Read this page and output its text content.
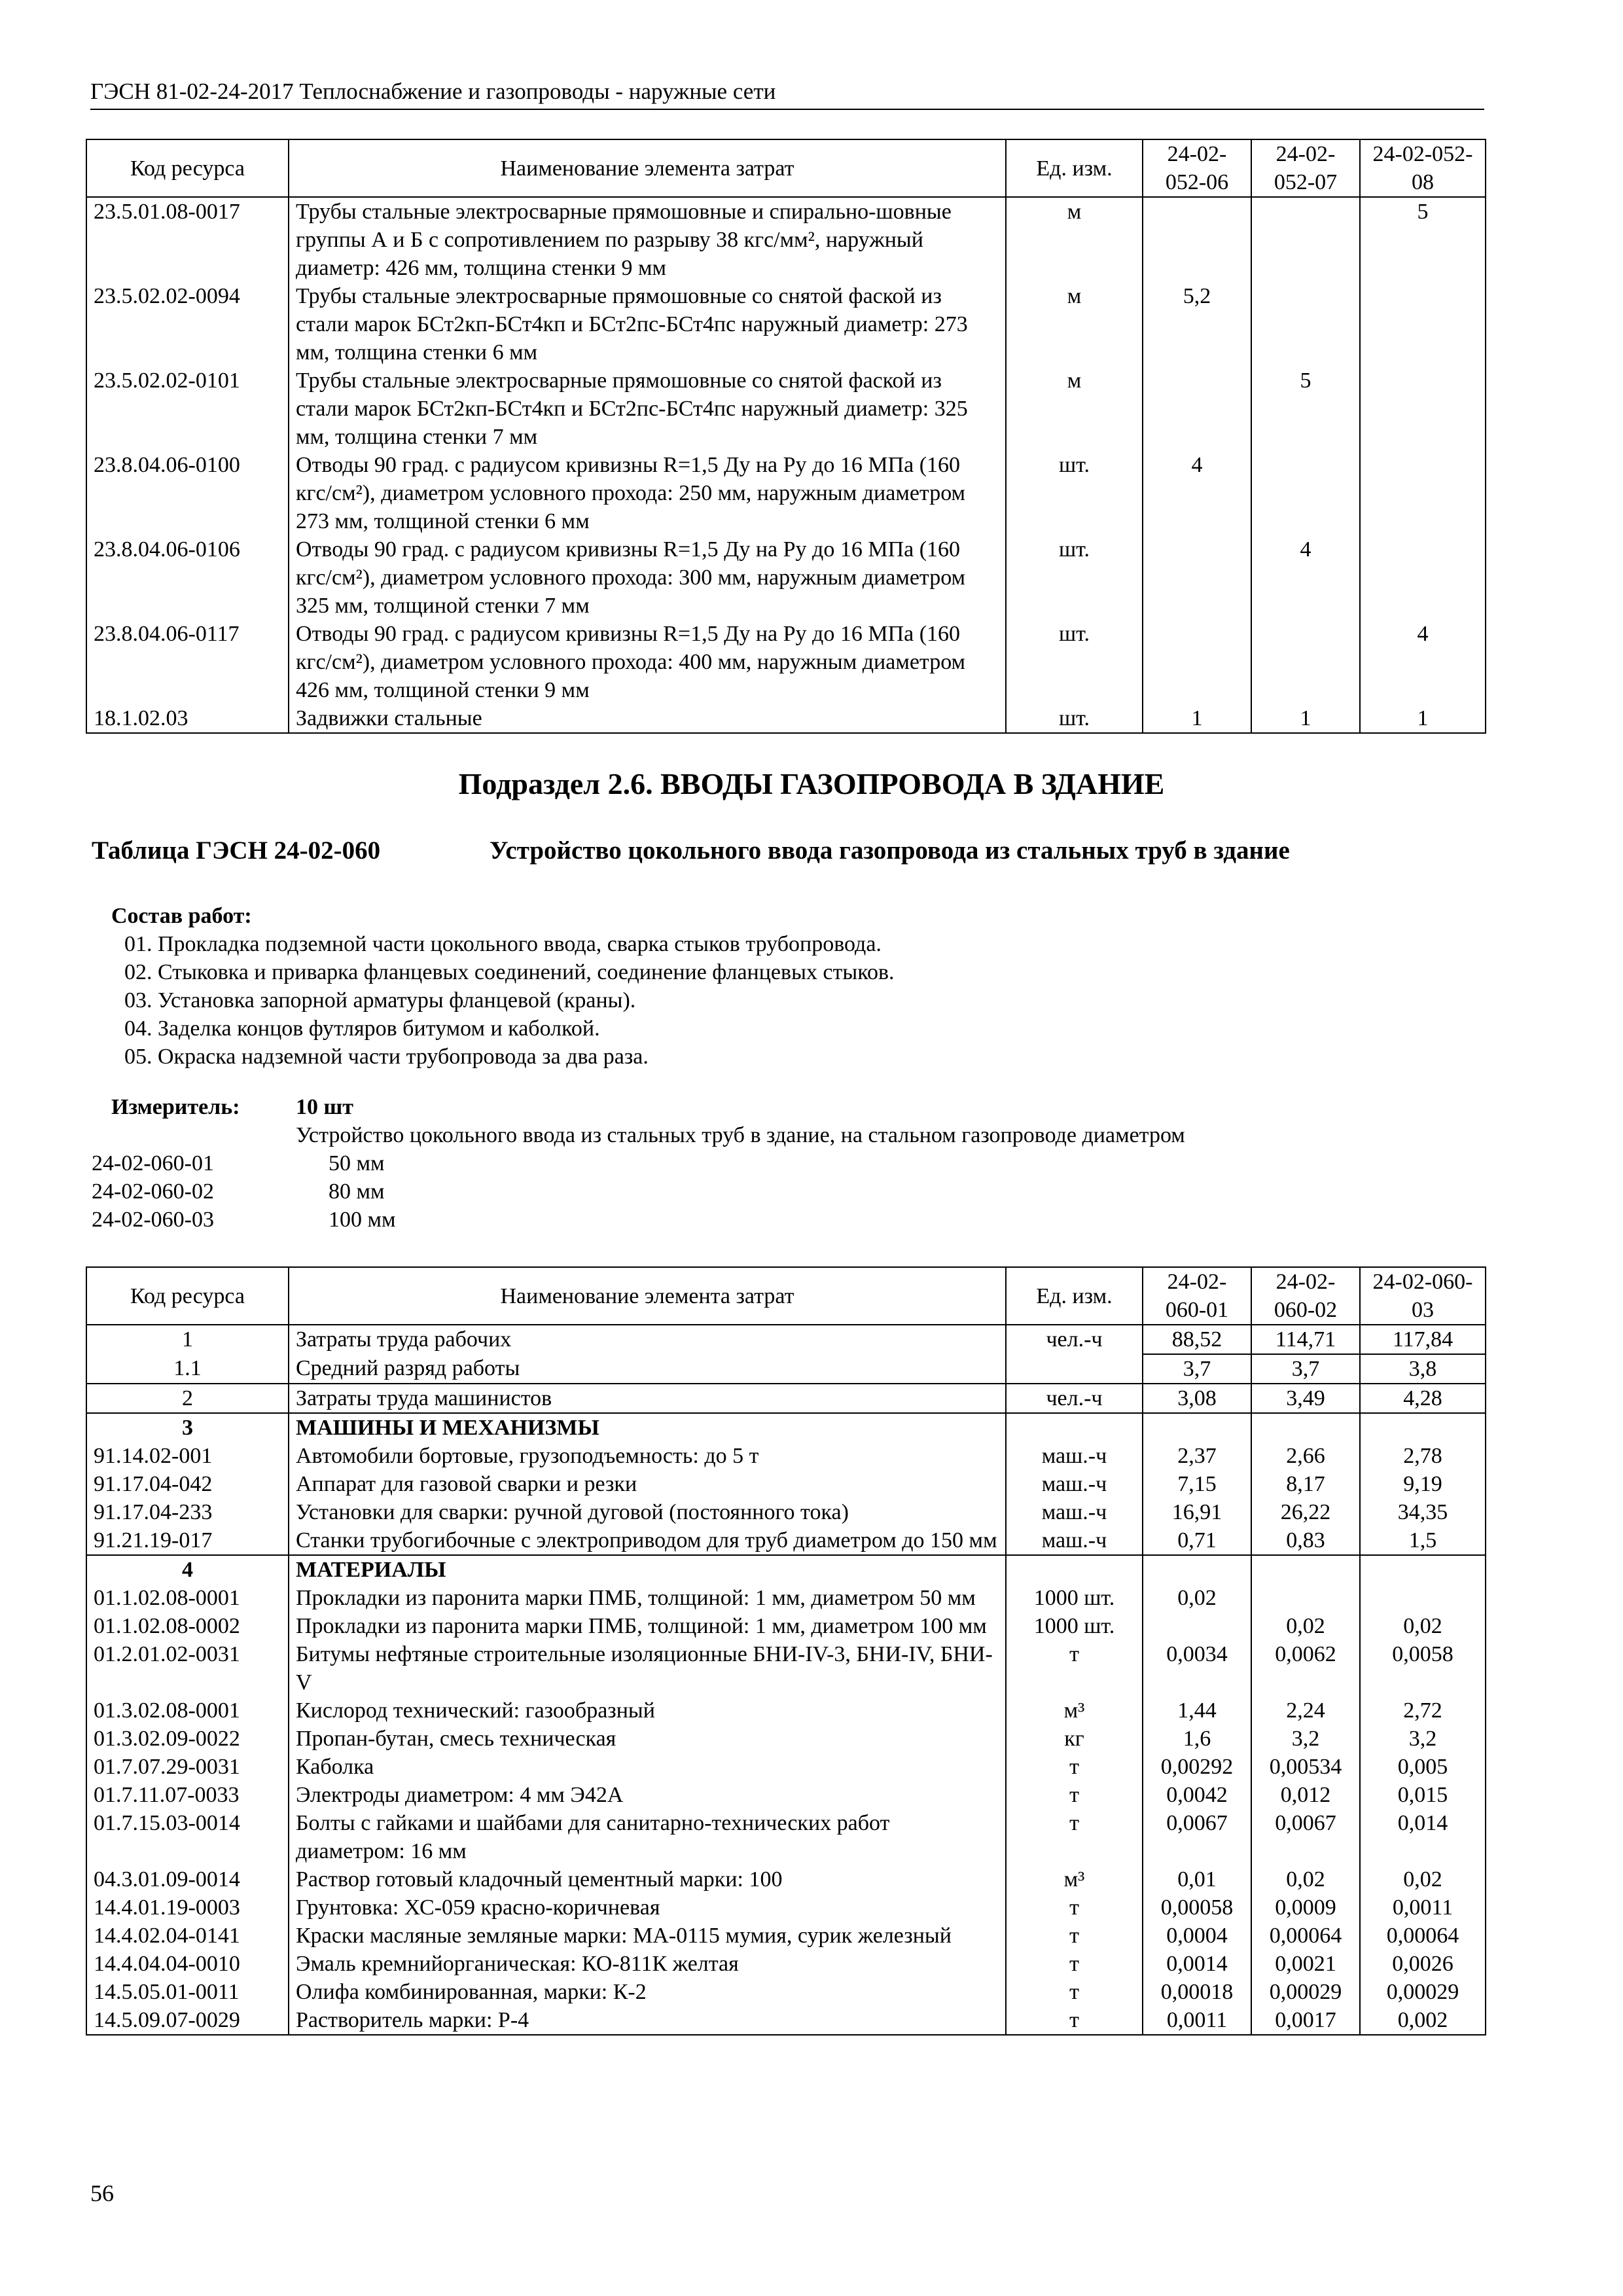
ГЭСН 81-02-24-2017 Теплоснабжение и газопроводы - наружные сети
Код ресурса	Наименование элемента затрат	Ед. изм.	24-02-052-06	24-02-052-07	24-02-052-08
23.5.01.08-0017	Трубы стальные электросварные прямошовные и спирально-шовные группы А и Б с сопротивлением по разрыву 38 кгс/мм², наружный диаметр: 426 мм, толщина стенки 9 мм	м			5
23.5.02.02-0094	Трубы стальные электросварные прямошовные со снятой фаской из стали марок БСт2кп-БСт4кп и БСт2пс-БСт4пс наружный диаметр: 273 мм, толщина стенки 6 мм	м	5,2		
23.5.02.02-0101	Трубы стальные электросварные прямошовные со снятой фаской из стали марок БСт2кп-БСт4кп и БСт2пс-БСт4пс наружный диаметр: 325 мм, толщина стенки 7 мм	м		5	
23.8.04.06-0100	Отводы 90 град. с радиусом кривизны R=1,5 Ду на Ру до 16 МПа (160 кгс/см²), диаметром условного прохода: 250 мм, наружным диаметром 273 мм, толщиной стенки 6 мм	шт.	4		
23.8.04.06-0106	Отводы 90 град. с радиусом кривизны R=1,5 Ду на Ру до 16 МПа (160 кгс/см²), диаметром условного прохода: 300 мм, наружным диаметром 325 мм, толщиной стенки 7 мм	шт.		4	
23.8.04.06-0117	Отводы 90 град. с радиусом кривизны R=1,5 Ду на Ру до 16 МПа (160 кгс/см²), диаметром условного прохода: 400 мм, наружным диаметром 426 мм, толщиной стенки 9 мм	шт.			4
18.1.02.03	Задвижки стальные	шт.	1	1	1
Подраздел 2.6. ВВОДЫ ГАЗОПРОВОДА В ЗДАНИЕ
Таблица ГЭСН 24-02-060	Устройство цокольного ввода газопровода из стальных труб в здание
Состав работ:
01. Прокладка подземной части цокольного ввода, сварка стыков трубопровода.
02. Стыковка и приварка фланцевых соединений, соединение фланцевых стыков.
03. Установка запорной арматуры фланцевой (краны).
04. Заделка концов футляров битумом и каболкой.
05. Окраска надземной части трубопровода за два раза.
Измеритель:	10 шт
Устройство цокольного ввода из стальных труб в здание, на стальном газопроводе диаметром
24-02-060-01	50 мм
24-02-060-02	80 мм
24-02-060-03	100 мм
Код ресурса	Наименование элемента затрат	Ед. изм.	24-02-060-01	24-02-060-02	24-02-060-03
1	Затраты труда рабочих	чел.-ч	88,52	114,71	117,84
1.1	Средний разряд работы		3,7	3,7	3,8
2	Затраты труда машинистов	чел.-ч	3,08	3,49	4,28
3	МАШИНЫ И МЕХАНИЗМЫ				
91.14.02-001	Автомобили бортовые, грузоподъемность: до 5 т	маш.-ч	2,37	2,66	2,78
91.17.04-042	Аппарат для газовой сварки и резки	маш.-ч	7,15	8,17	9,19
91.17.04-233	Установки для сварки: ручной дуговой (постоянного тока)	маш.-ч	16,91	26,22	34,35
91.21.19-017	Станки трубогибочные с электроприводом для труб диаметром до 150 мм	маш.-ч	0,71	0,83	1,5
4	МАТЕРИАЛЫ				
01.1.02.08-0001	Прокладки из паронита марки ПМБ, толщиной: 1 мм, диаметром 50 мм	1000 шт.	0,02		
01.1.02.08-0002	Прокладки из паронита марки ПМБ, толщиной: 1 мм, диаметром 100 мм	1000 шт.		0,02	0,02
01.2.01.02-0031	Битумы нефтяные строительные изоляционные БНИ-IV-3, БНИ-IV, БНИ-V	т	0,0034	0,0062	0,0058
01.3.02.08-0001	Кислород технический: газообразный	м³	1,44	2,24	2,72
01.3.02.09-0022	Пропан-бутан, смесь техническая	кг	1,6	3,2	3,2
01.7.07.29-0031	Каболка	т	0,00292	0,00534	0,005
01.7.11.07-0033	Электроды диаметром: 4 мм Э42А	т	0,0042	0,012	0,015
01.7.15.03-0014	Болты с гайками и шайбами для санитарно-технических работ диаметром: 16 мм	т	0,0067	0,0067	0,014
04.3.01.09-0014	Раствор готовый кладочный цементный марки: 100	м³	0,01	0,02	0,02
14.4.01.19-0003	Грунтовка: ХС-059 красно-коричневая	т	0,00058	0,0009	0,0011
14.4.02.04-0141	Краски масляные земляные марки: МА-0115 мумия, сурик железный	т	0,0004	0,00064	0,00064
14.4.04.04-0010	Эмаль кремнийорганическая: КО-811К желтая	т	0,0014	0,0021	0,0026
14.5.05.01-0011	Олифа комбинированная, марки: К-2	т	0,00018	0,00029	0,00029
14.5.09.07-0029	Растворитель марки: Р-4	т	0,0011	0,0017	0,002
56
